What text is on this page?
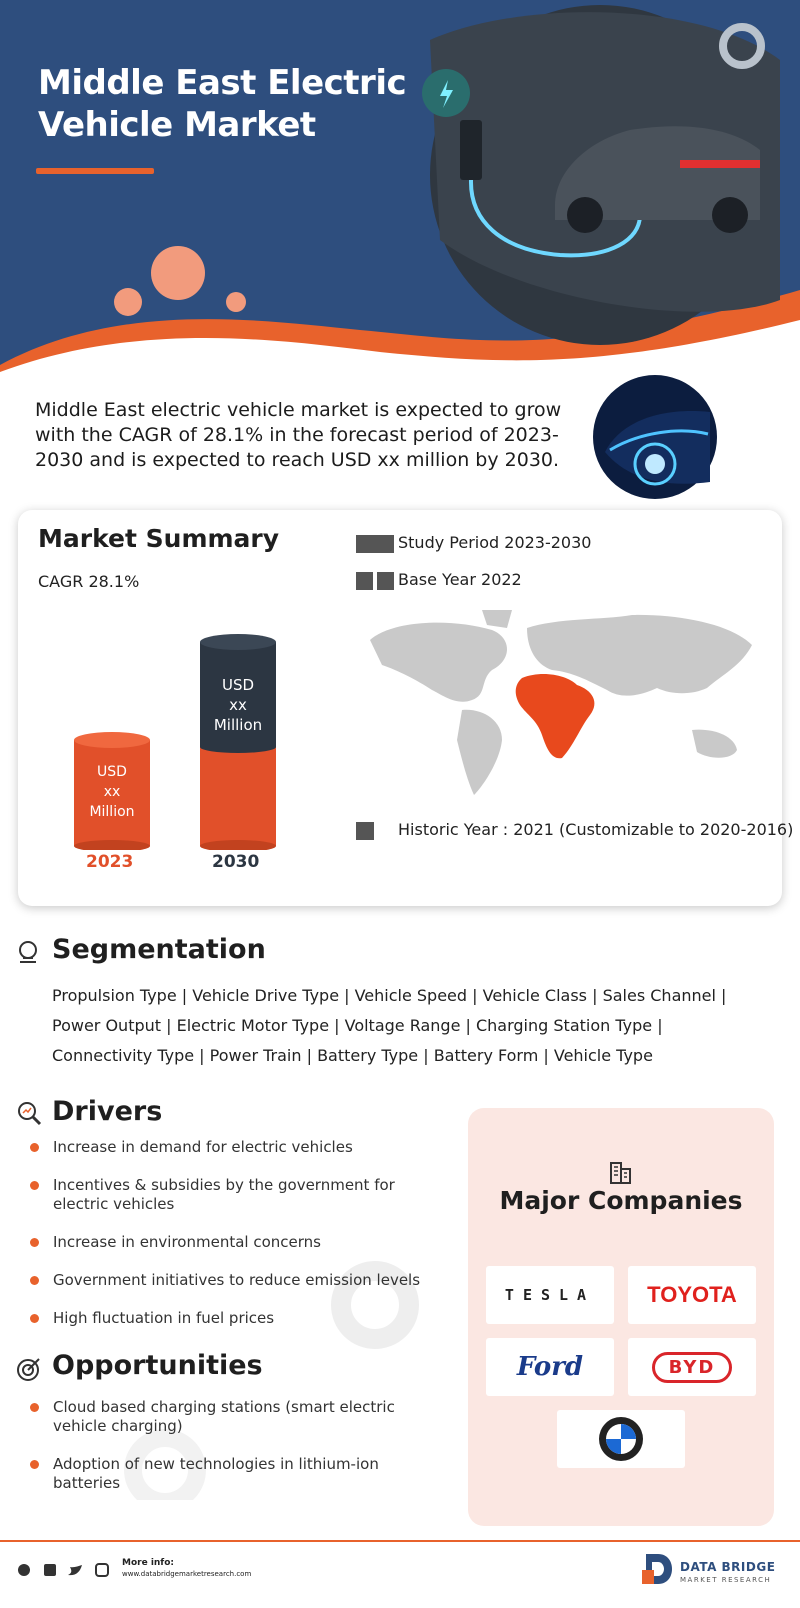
Middle East Electric
Vehicle Market
Middle East electric vehicle market is expected to grow with the CAGR of 28.1% in the forecast period of 2023-2030 and is expected to reach USD xx million by 2030.
Market Summary
CAGR 28.1%
Study Period 2023-2030
Base Year 2022
USD
xx
Million
USD
xx
Million
2023	2030
Historic Year : 2021 (Customizable to 2020-2016)
Segmentation
Propulsion Type | Vehicle Drive Type | Vehicle Speed | Vehicle Class | Sales Channel |
Power Output | Electric Motor Type | Voltage Range | Charging Station Type |
Connectivity Type | Power Train | Battery Type | Battery Form | Vehicle Type
Drivers
Increase in demand for electric vehicles
Incentives & subsidies by the government for electric vehicles
Increase in environmental concerns
Government initiatives to reduce emission levels
High fluctuation in fuel prices
Opportunities
Cloud based charging stations (smart electric vehicle charging)
Adoption of new technologies in lithium-ion batteries
Major Companies
TESLA TOYOTA
Ford	BYD
More info:
www.databridgemarketresearch.com	DATA BRIDGE
MARKET RESEARCH
